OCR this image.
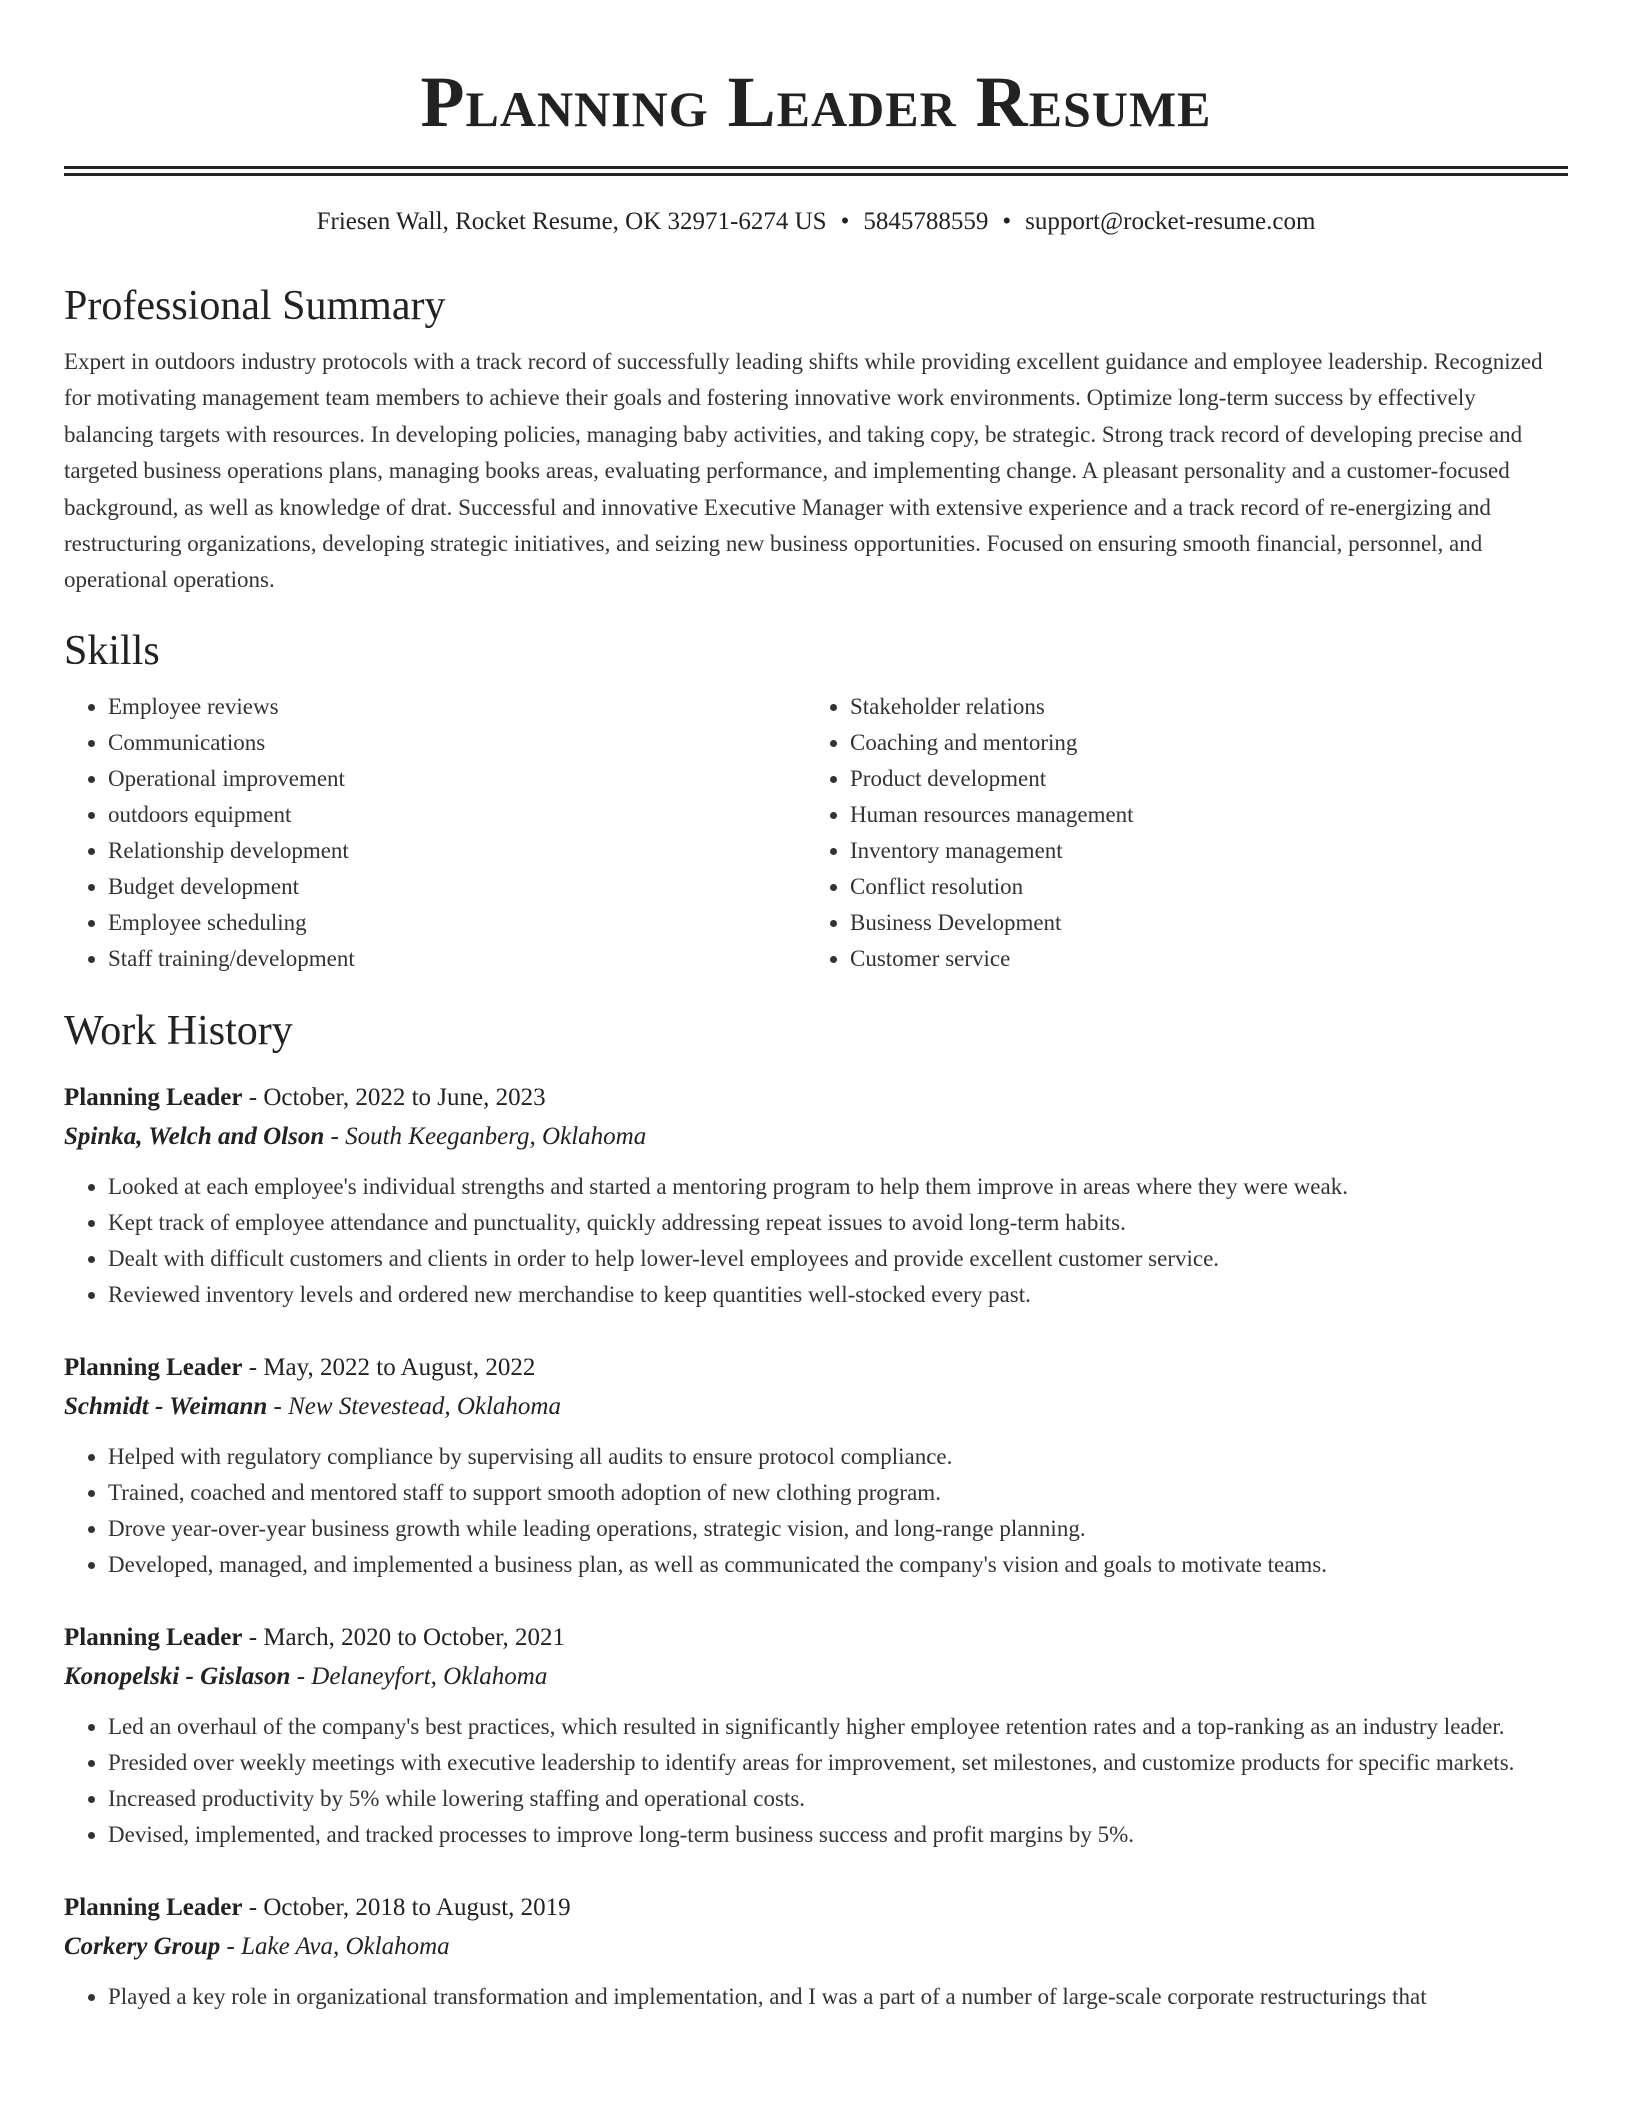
Planning Leader Resume
Friesen Wall, Rocket Resume, OK 32971-6274 US • 5845788559 • support@rocket-resume.com
Professional Summary

Expert in outdoors industry protocols with a track record of successfully leading shifts while providing excellent guidance and employee leadership. Recognized for motivating management team members to achieve their goals and fostering innovative work environments. Optimize long-term success by effectively balancing targets with resources. In developing policies, managing baby activities, and taking copy, be strategic. Strong track record of developing precise and targeted business operations plans, managing books areas, evaluating performance, and implementing change. A pleasant personality and a customer-focused background, as well as knowledge of drat. Successful and innovative Executive Manager with extensive experience and a track record of re-energizing and restructuring organizations, developing strategic initiatives, and seizing new business opportunities. Focused on ensuring smooth financial, personnel, and operational operations.

Skills
• Employee reviews
• Communications
• Operational improvement
• outdoors equipment
• Relationship development
• Budget development
• Employee scheduling
• Staff training/development
• Stakeholder relations
• Coaching and mentoring
• Product development
• Human resources management
• Inventory management
• Conflict resolution
• Business Development
• Customer service
Work History
Planning Leader - October, 2022 to June, 2023
Spinka, Welch and Olson - South Keeganberg, Oklahoma
• Looked at each employee's individual strengths and started a mentoring program to help them improve in areas where they were weak.
• Kept track of employee attendance and punctuality, quickly addressing repeat issues to avoid long-term habits.
• Dealt with difficult customers and clients in order to help lower-level employees and provide excellent customer service.
• Reviewed inventory levels and ordered new merchandise to keep quantities well-stocked every past.
Planning Leader - May, 2022 to August, 2022
Schmidt - Weimann - New Stevestead, Oklahoma
• Helped with regulatory compliance by supervising all audits to ensure protocol compliance.
• Trained, coached and mentored staff to support smooth adoption of new clothing program.
• Drove year-over-year business growth while leading operations, strategic vision, and long-range planning.
• Developed, managed, and implemented a business plan, as well as communicated the company's vision and goals to motivate teams.
Planning Leader - March, 2020 to October, 2021
Konopelski - Gislason - Delaneyfort, Oklahoma
• Led an overhaul of the company's best practices, which resulted in significantly higher employee retention rates and a top-ranking as an industry leader.
• Presided over weekly meetings with executive leadership to identify areas for improvement, set milestones, and customize products for specific markets.
• Increased productivity by 5% while lowering staffing and operational costs.
• Devised, implemented, and tracked processes to improve long-term business success and profit margins by 5%.
Planning Leader - October, 2018 to August, 2019
Corkery Group - Lake Ava, Oklahoma
• Played a key role in organizational transformation and implementation, and I was a part of a number of large-scale corporate restructurings that
